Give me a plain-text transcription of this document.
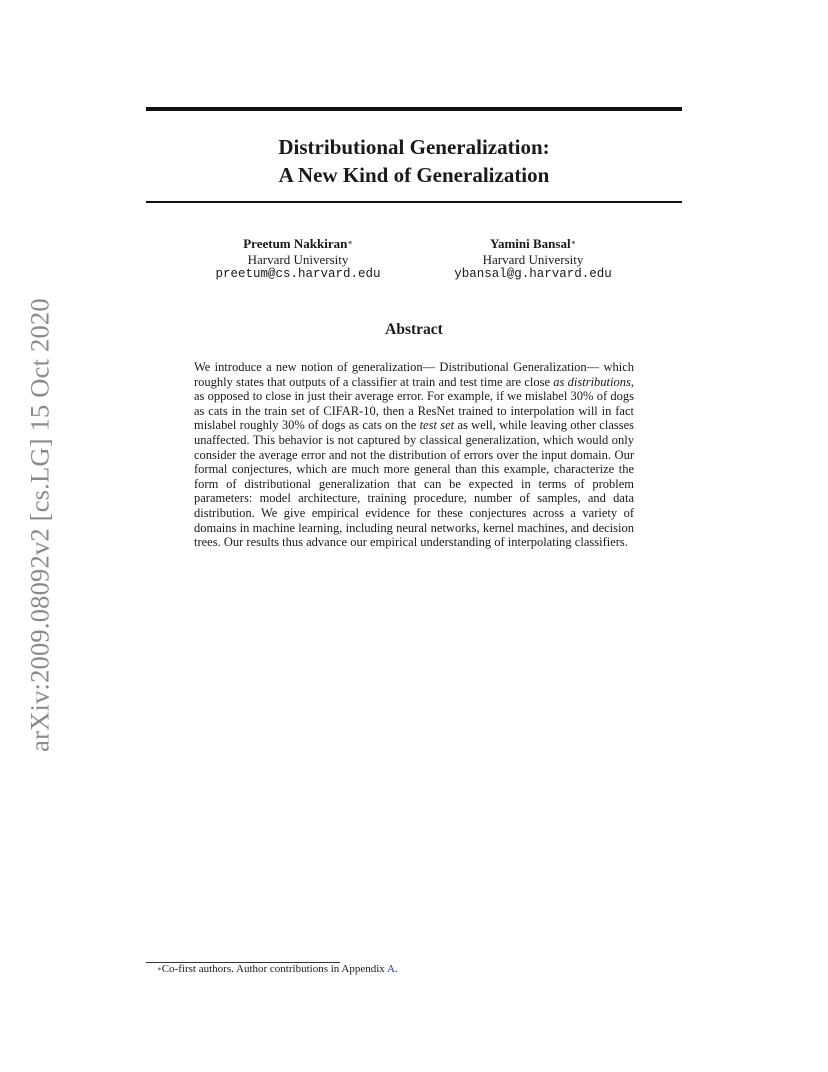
Distributional Generalization:
A New Kind of Generalization
Preetum Nakkiran∗
Harvard University
preetum@cs.harvard.edu
Yamini Bansal∗
Harvard University
ybansal@g.harvard.edu
Abstract
We introduce a new notion of generalization— Distributional Generalization— which roughly states that outputs of a classifier at train and test time are close as distributions, as opposed to close in just their average error. For example, if we mislabel 30% of dogs as cats in the train set of CIFAR-10, then a ResNet trained to interpolation will in fact mislabel roughly 30% of dogs as cats on the test set as well, while leaving other classes unaffected. This behavior is not captured by classical generalization, which would only consider the average error and not the distribution of errors over the input domain. Our formal conjectures, which are much more general than this example, characterize the form of distributional generalization that can be expected in terms of problem parameters: model architecture, training procedure, number of samples, and data distribution. We give empirical evidence for these conjectures across a variety of domains in machine learning, including neural networks, kernel machines, and decision trees. Our results thus advance our empirical understanding of interpolating classifiers.
arXiv:2009.08092v2 [cs.LG] 15 Oct 2020
∗Co-first authors. Author contributions in Appendix A.
